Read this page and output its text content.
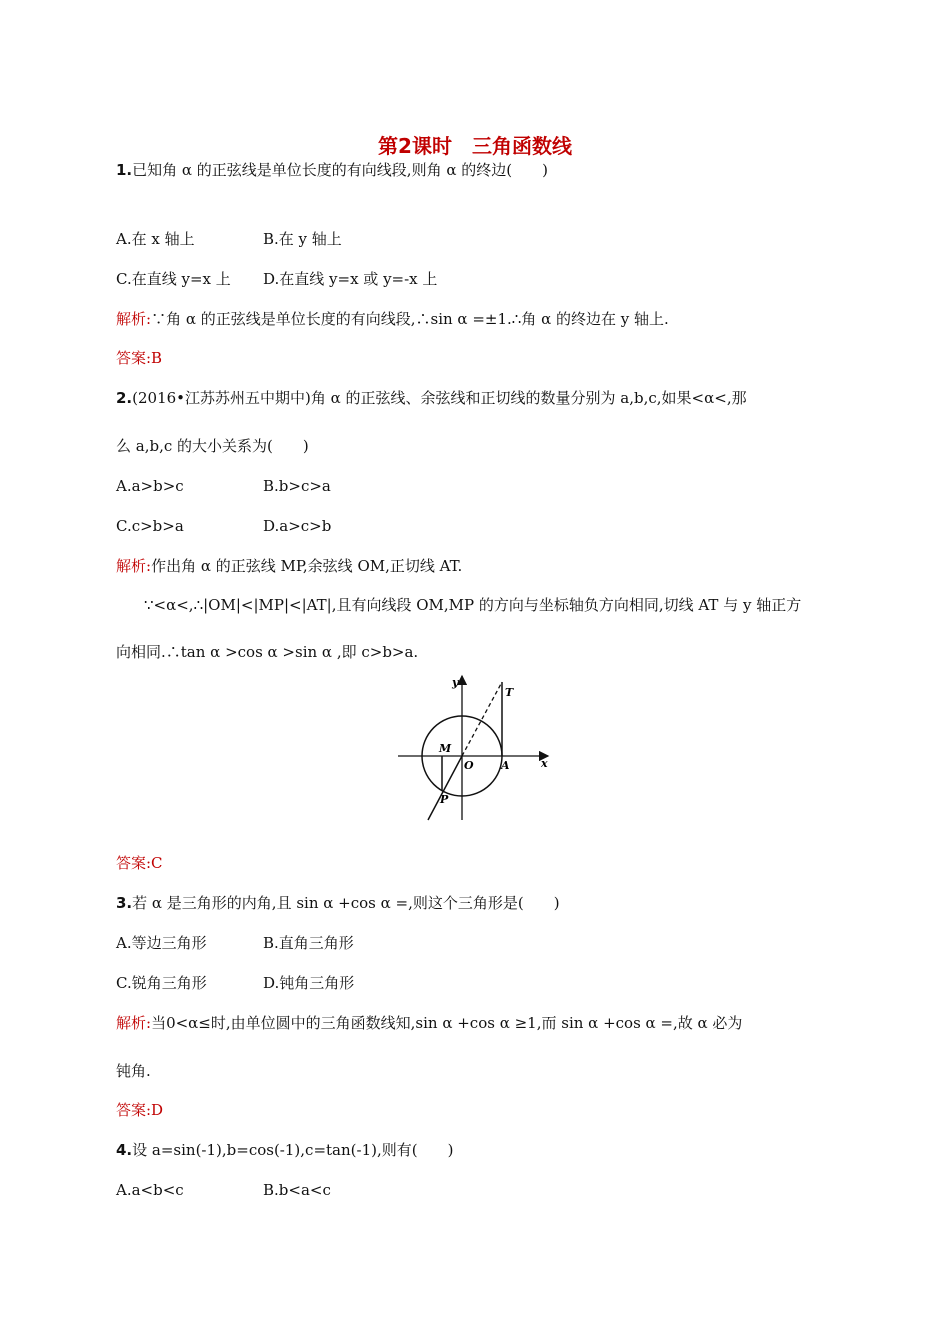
第2课时　三角函数线
1.已知角 α 的正弦线是单位长度的有向线段,则角 α 的终边(　　)
A.在 x 轴上	B.在 y 轴上
C.在直线 y=x 上 D.在直线 y=x 或 y=-x 上
解析:∵角 α 的正弦线是单位长度的有向线段,∴sin α =±1.∴角 α 的终边在 y 轴上.
答案:B
2.(2016•江苏苏州五中期中)角 α 的正弦线、余弦线和正切线的数量分别为 a,b,c,如果<α<,那
么 a,b,c 的大小关系为(　　)
A.a>b>c	B.b>c>a
C.c>b>a	D.a>c>b
解析:作出角 α 的正弦线 MP,余弦线 OM,正切线 AT.
∵<α<,∴|OM|<|MP|<|AT|,且有向线段 OM,MP 的方向与坐标轴负方向相同,切线 AT 与 y 轴正方
向相同.∴tan α >cos α >sin α ,即 c>b>a.
y
T
M
O A	x
P
答案:C
3.若 α 是三角形的内角,且 sin α +cos α =,则这个三角形是(　　)
A.等边三角形	B.直角三角形
C.锐角三角形	D.钝角三角形
解析:当0<α≤时,由单位圆中的三角函数线知,sin α +cos α ≥1,而 sin α +cos α =,故 α 必为
钝角.
答案:D
4.设 a=sin(-1),b=cos(-1),c=tan(-1),则有(　　)
A.a<b<c	B.b<a<c
